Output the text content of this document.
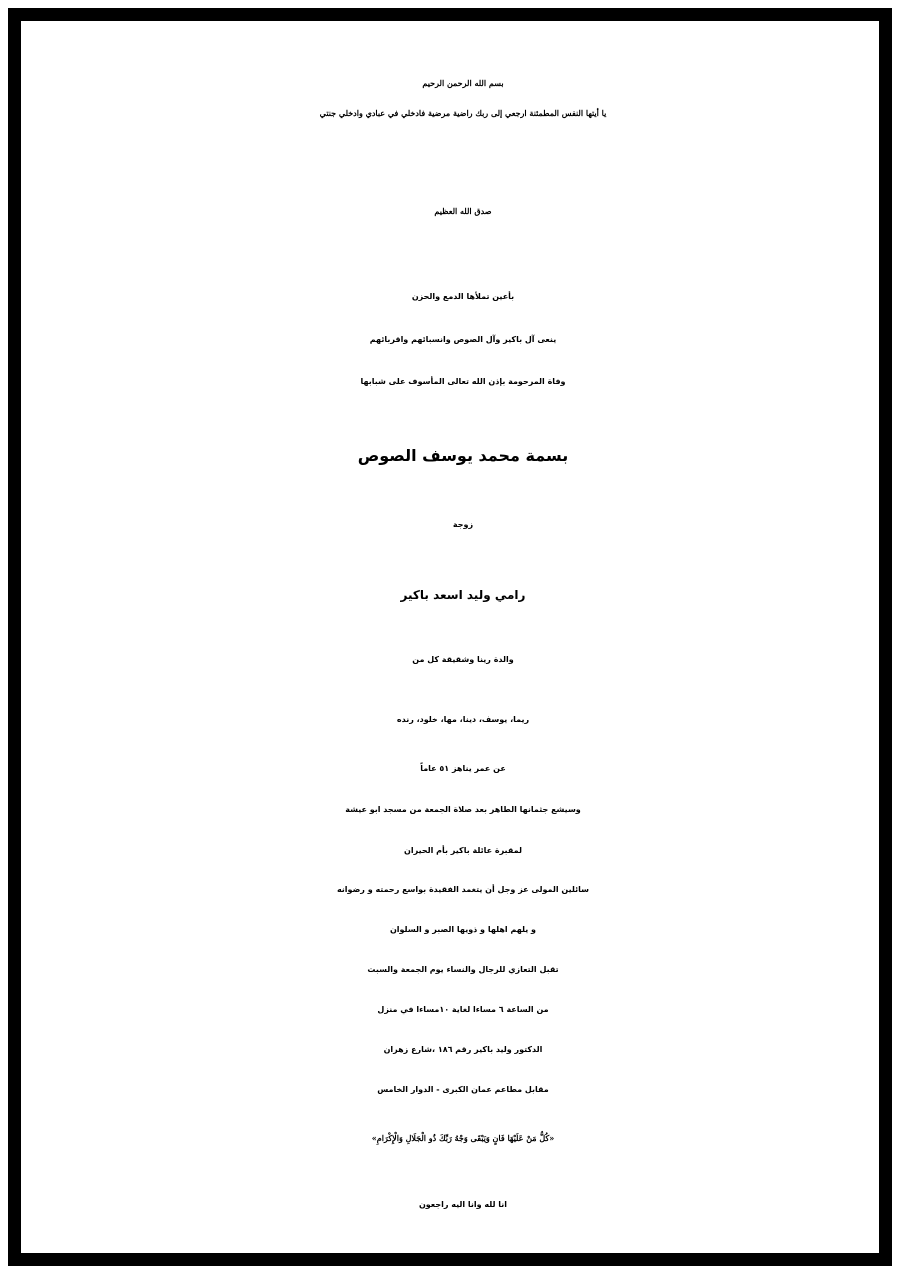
بسم الله الرحمن الرحيم
يا أيتها النفس المطمئنة ارجعي إلى ربك راضية مرضية فادخلي في عبادي وادخلي جنتي
صدق الله العظيم
بأعين تملأها الدمع والحزن
ينعى آل باكير وآل الصوص وانسبائهم واقربائهم
وفاة المرحومة بإذن الله تعالى المأسوف على شبابها
بسمة محمد يوسف الصوص
زوجة
رامي وليد اسعد باكير
والدة رينا وشقيقة كل من
ريما، يوسف، دينا، مها، خلود، رنده
عن عمر يناهز ٥١ عاماً
وسيشع جثمانها الطاهر بعد صلاة الجمعة من مسجد ابو عيشة
لمقبرة عائلة باكير بأم الحيران
سائلين المولى عز وجل أن يتغمد الفقيدة بواسع رحمته و رضوانه
و يلهم اهلها و ذويها الصبر و السلوان
تقبل التعازي للرجال والنساء يوم الجمعة والسبت
من الساعة ٦ مساءا لغاية ١٠مساءا في منزل
الدكتور وليد باكير رقم ١٨٦ ،شارع زهران
مقابل مطاعم عمان الكبرى - الدوار الخامس
«كُلُّ مَنْ عَلَيْهَا فَانٍ وَيَبْقَى وَجْهُ رَبِّكَ ذُو الْجَلَالِ وَالْإِكْرَامِ»
انا لله وانا اليه راجعون
